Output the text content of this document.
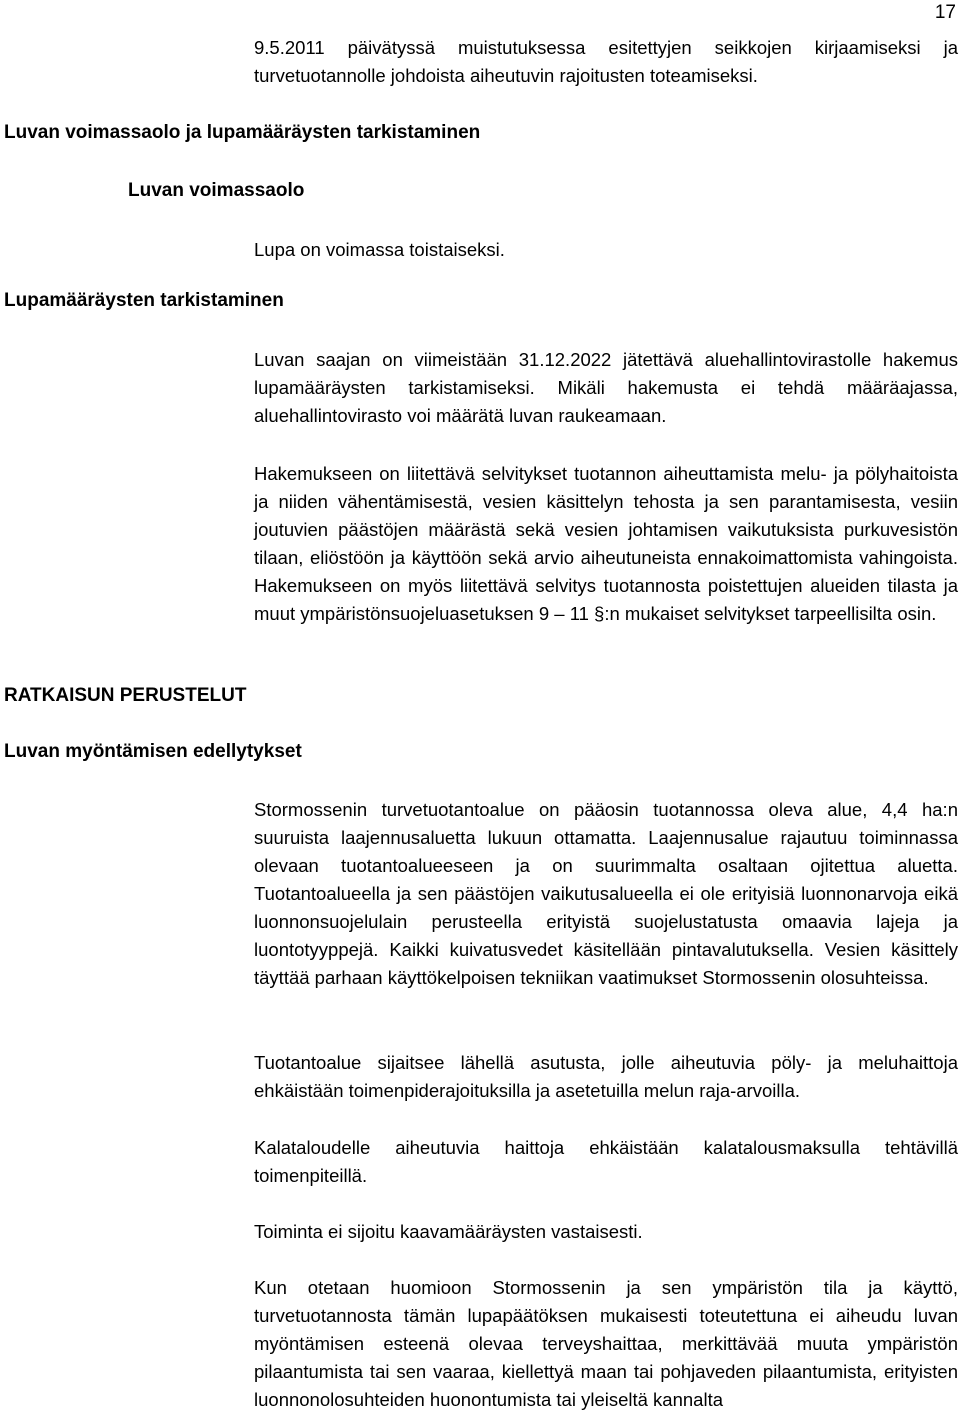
17

9.5.2011 päivätyssä muistutuksessa esitettyjen seikkojen kirjaamiseksi ja turvetuotannolle johdoista aiheutuvin rajoitusten toteamiseksi.

Luvan voimassaolo ja lupamääräysten tarkistaminen
Luvan voimassaolo

Lupa on voimassa toistaiseksi.

Lupamääräysten tarkistaminen

Luvan saajan on viimeistään 31.12.2022 jätettävä aluehallintovirastolle hakemus lupamääräysten tarkistamiseksi. Mikäli hakemusta ei tehdä määräajassa, aluehallintovirasto voi määrätä luvan raukeamaan.

Hakemukseen on liitettävä selvitykset tuotannon aiheuttamista melu- ja pölyhaitoista ja niiden vähentämisestä, vesien käsittelyn tehosta ja sen parantamisesta, vesiin joutuvien päästöjen määrästä sekä vesien johtamisen vaikutuksista purkuvesistön tilaan, eliöstöön ja käyttöön sekä arvio aiheutuneista ennakoimattomista vahingoista. Hakemukseen on myös liitettävä selvitys tuotannosta poistettujen alueiden tilasta ja muut ympäristönsuojeluasetuksen 9 – 11 §:n mukaiset selvitykset tarpeellisilta osin.

RATKAISUN PERUSTELUT
Luvan myöntämisen edellytykset

Stormossenin turvetuotantoalue on pääosin tuotannossa oleva alue, 4,4 ha:n suuruista laajennusaluetta lukuun ottamatta. Laajennusalue rajautuu toiminnassa olevaan tuotantoalueeseen ja on suurimmalta osaltaan ojitettua aluetta. Tuotantoalueella ja sen päästöjen vaikutusalueella ei ole erityisiä luonnonarvoja eikä luonnonsuojelulain perusteella erityistä suojelustatusta omaavia lajeja ja luontotyyppejä. Kaikki kuivatusvedet käsitellään pintavalutuksella. Vesien käsittely täyttää parhaan käyttökelpoisen tekniikan vaatimukset Stormossenin olosuhteissa.

Tuotantoalue sijaitsee lähellä asutusta, jolle aiheutuvia pöly- ja meluhaittoja ehkäistään toimenpiderajoituksilla ja asetetuilla melun raja-arvoilla.

Kalataloudelle aiheutuvia haittoja ehkäistään kalatalousmaksulla tehtävillä toimenpiteillä.

Toiminta ei sijoitu kaavamääräysten vastaisesti.

Kun otetaan huomioon Stormossenin ja sen ympäristön tila ja käyttö, turvetuotannosta tämän lupapäätöksen mukaisesti toteutettuna ei aiheudu luvan myöntämisen esteenä olevaa terveyshaittaa, merkittävää muuta ympäristön pilaantumista tai sen vaaraa, kiellettyä maan tai pohjaveden pilaantumista, erityisten luonnonolosuhteiden huonontumista tai yleiseltä kannalta
